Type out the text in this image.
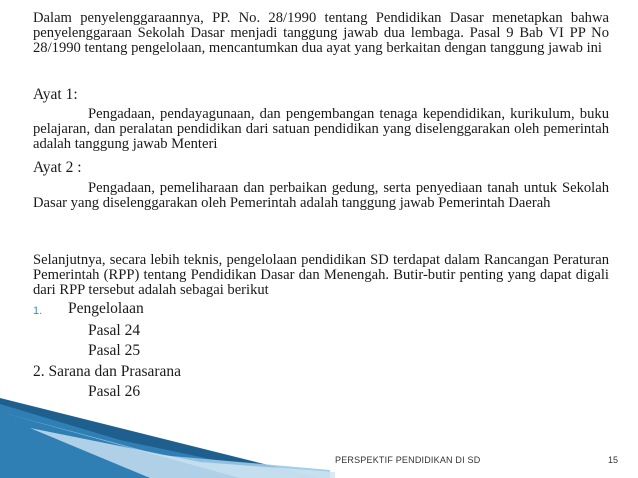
Dalam penyelenggaraannya, PP. No. 28/1990 tentang Pendidikan Dasar menetapkan bahwa penyelenggaraan Sekolah Dasar menjadi tanggung jawab dua lembaga. Pasal 9 Bab VI PP No 28/1990 tentang pengelolaan, mencantumkan dua ayat yang berkaitan dengan tanggung jawab ini

Ayat 1:

Pengadaan, pendayagunaan, dan pengembangan tenaga kependidikan, kurikulum, buku pelajaran, dan peralatan pendidikan dari satuan pendidikan yang diselenggarakan oleh pemerintah adalah tanggung jawab Menteri

Ayat 2 :

Pengadaan, pemeliharaan dan perbaikan gedung, serta penyediaan tanah untuk Sekolah Dasar yang diselenggarakan oleh Pemerintah adalah tanggung jawab Pemerintah Daerah

Selanjutnya, secara lebih teknis, pengelolaan pendidikan SD terdapat dalam Rancangan Peraturan Pemerintah (RPP) tentang Pendidikan Dasar dan Menengah. Butir-butir penting yang dapat digali dari RPP tersebut adalah sebagai berikut

1. Pengelolaan
Pasal 24
Pasal 25
2. Sarana dan Prasarana
Pasal 26
PERSPEKTIF PENDIDIKAN DI SD	15
